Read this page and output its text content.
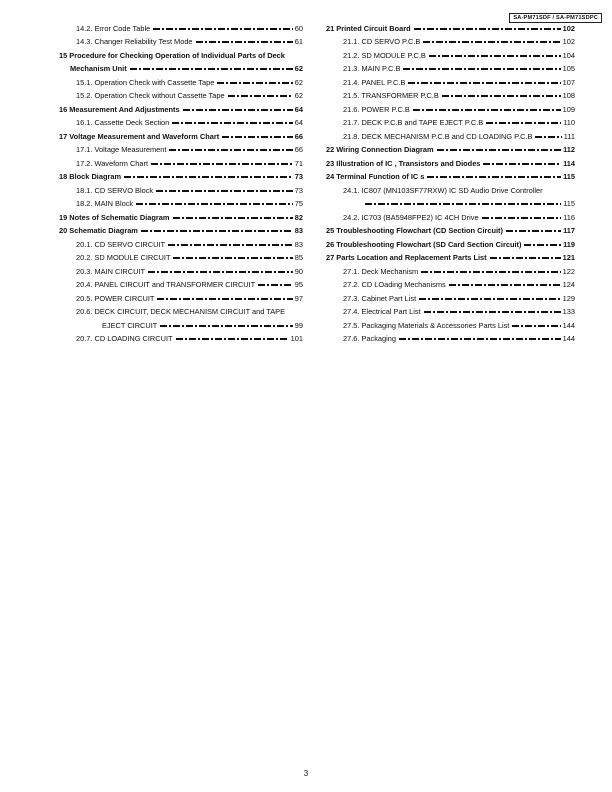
SA-PM71SDF / SA-PM71SDPC
14.2. Error Code Table	60
14.3. Changer Reliability Test Mode	61
15 Procedure for Checking Operation of Individual Parts of Deck
Mechanism Unit	62
15.1. Operation Check with Cassette Tape	62
15.2. Operation Check without Cassette Tape	62
16 Measurement And Adjustments	64
16.1. Cassette Deck Section	64
17 Voltage Measurement and Waveform Chart	66
17.1. Voltage Measurement	66
17.2. Waveform Chart	71
18 Block Diagram	73
18.1. CD SERVO Block	73
18.2. MAIN Block	75
19 Notes of Schematic Diagram	82
20 Schematic Diagram	83
20.1. CD SERVO CIRCUIT	83
20.2. SD MODULE CIRCUIT	85
20.3. MAIN CIRCUIT	90
20.4. PANEL CIRCUIT and TRANSFORMER CIRCUIT	95
20.5. POWER CIRCUIT	97
20.6. DECK CIRCUIT, DECK MECHANISM CIRCUIT and TAPE
EJECT CIRCUIT	99
20.7. CD LOADING CIRCUIT	101
21 Printed Circuit Board	102
21.1. CD SERVO P.C.B	102
21.2. SD MODULE P.C.B	104
21.3. MAIN P.C.B	105
21.4. PANEL P.C.B	107
21.5. TRANSFORMER P.C.B	108
21.6. POWER P.C.B	109
21.7. DECK P.C.B and TAPE EJECT P.C.B	110
21.8. DECK MECHANISM P.C.B and CD LOADING P.C.B	111
22 Wiring Connection Diagram	112
23 Illustration of IC , Transistors and Diodes	114
24 Terminal Function of IC s	115
24.1. IC807 (MN103SF77RXW) IC SD Audio Drive Controller
115
24.2. IC703 (BA5948FPE2) IC 4CH Drive	116
25 Troubleshooting Flowchart (CD Section Circuit)	117
26 Troubleshooting Flowchart (SD Card Section Circuit)	119
27 Parts Location and Replacement Parts List	121
27.1. Deck Mechanism	122
27.2. CD LOading Mechanisms	124
27.3. Cabinet Part List	129
27.4. Electrical Part List	133
27.5. Packaging Materials & Accessories Parts List	144
27.6. Packaging	144
3
